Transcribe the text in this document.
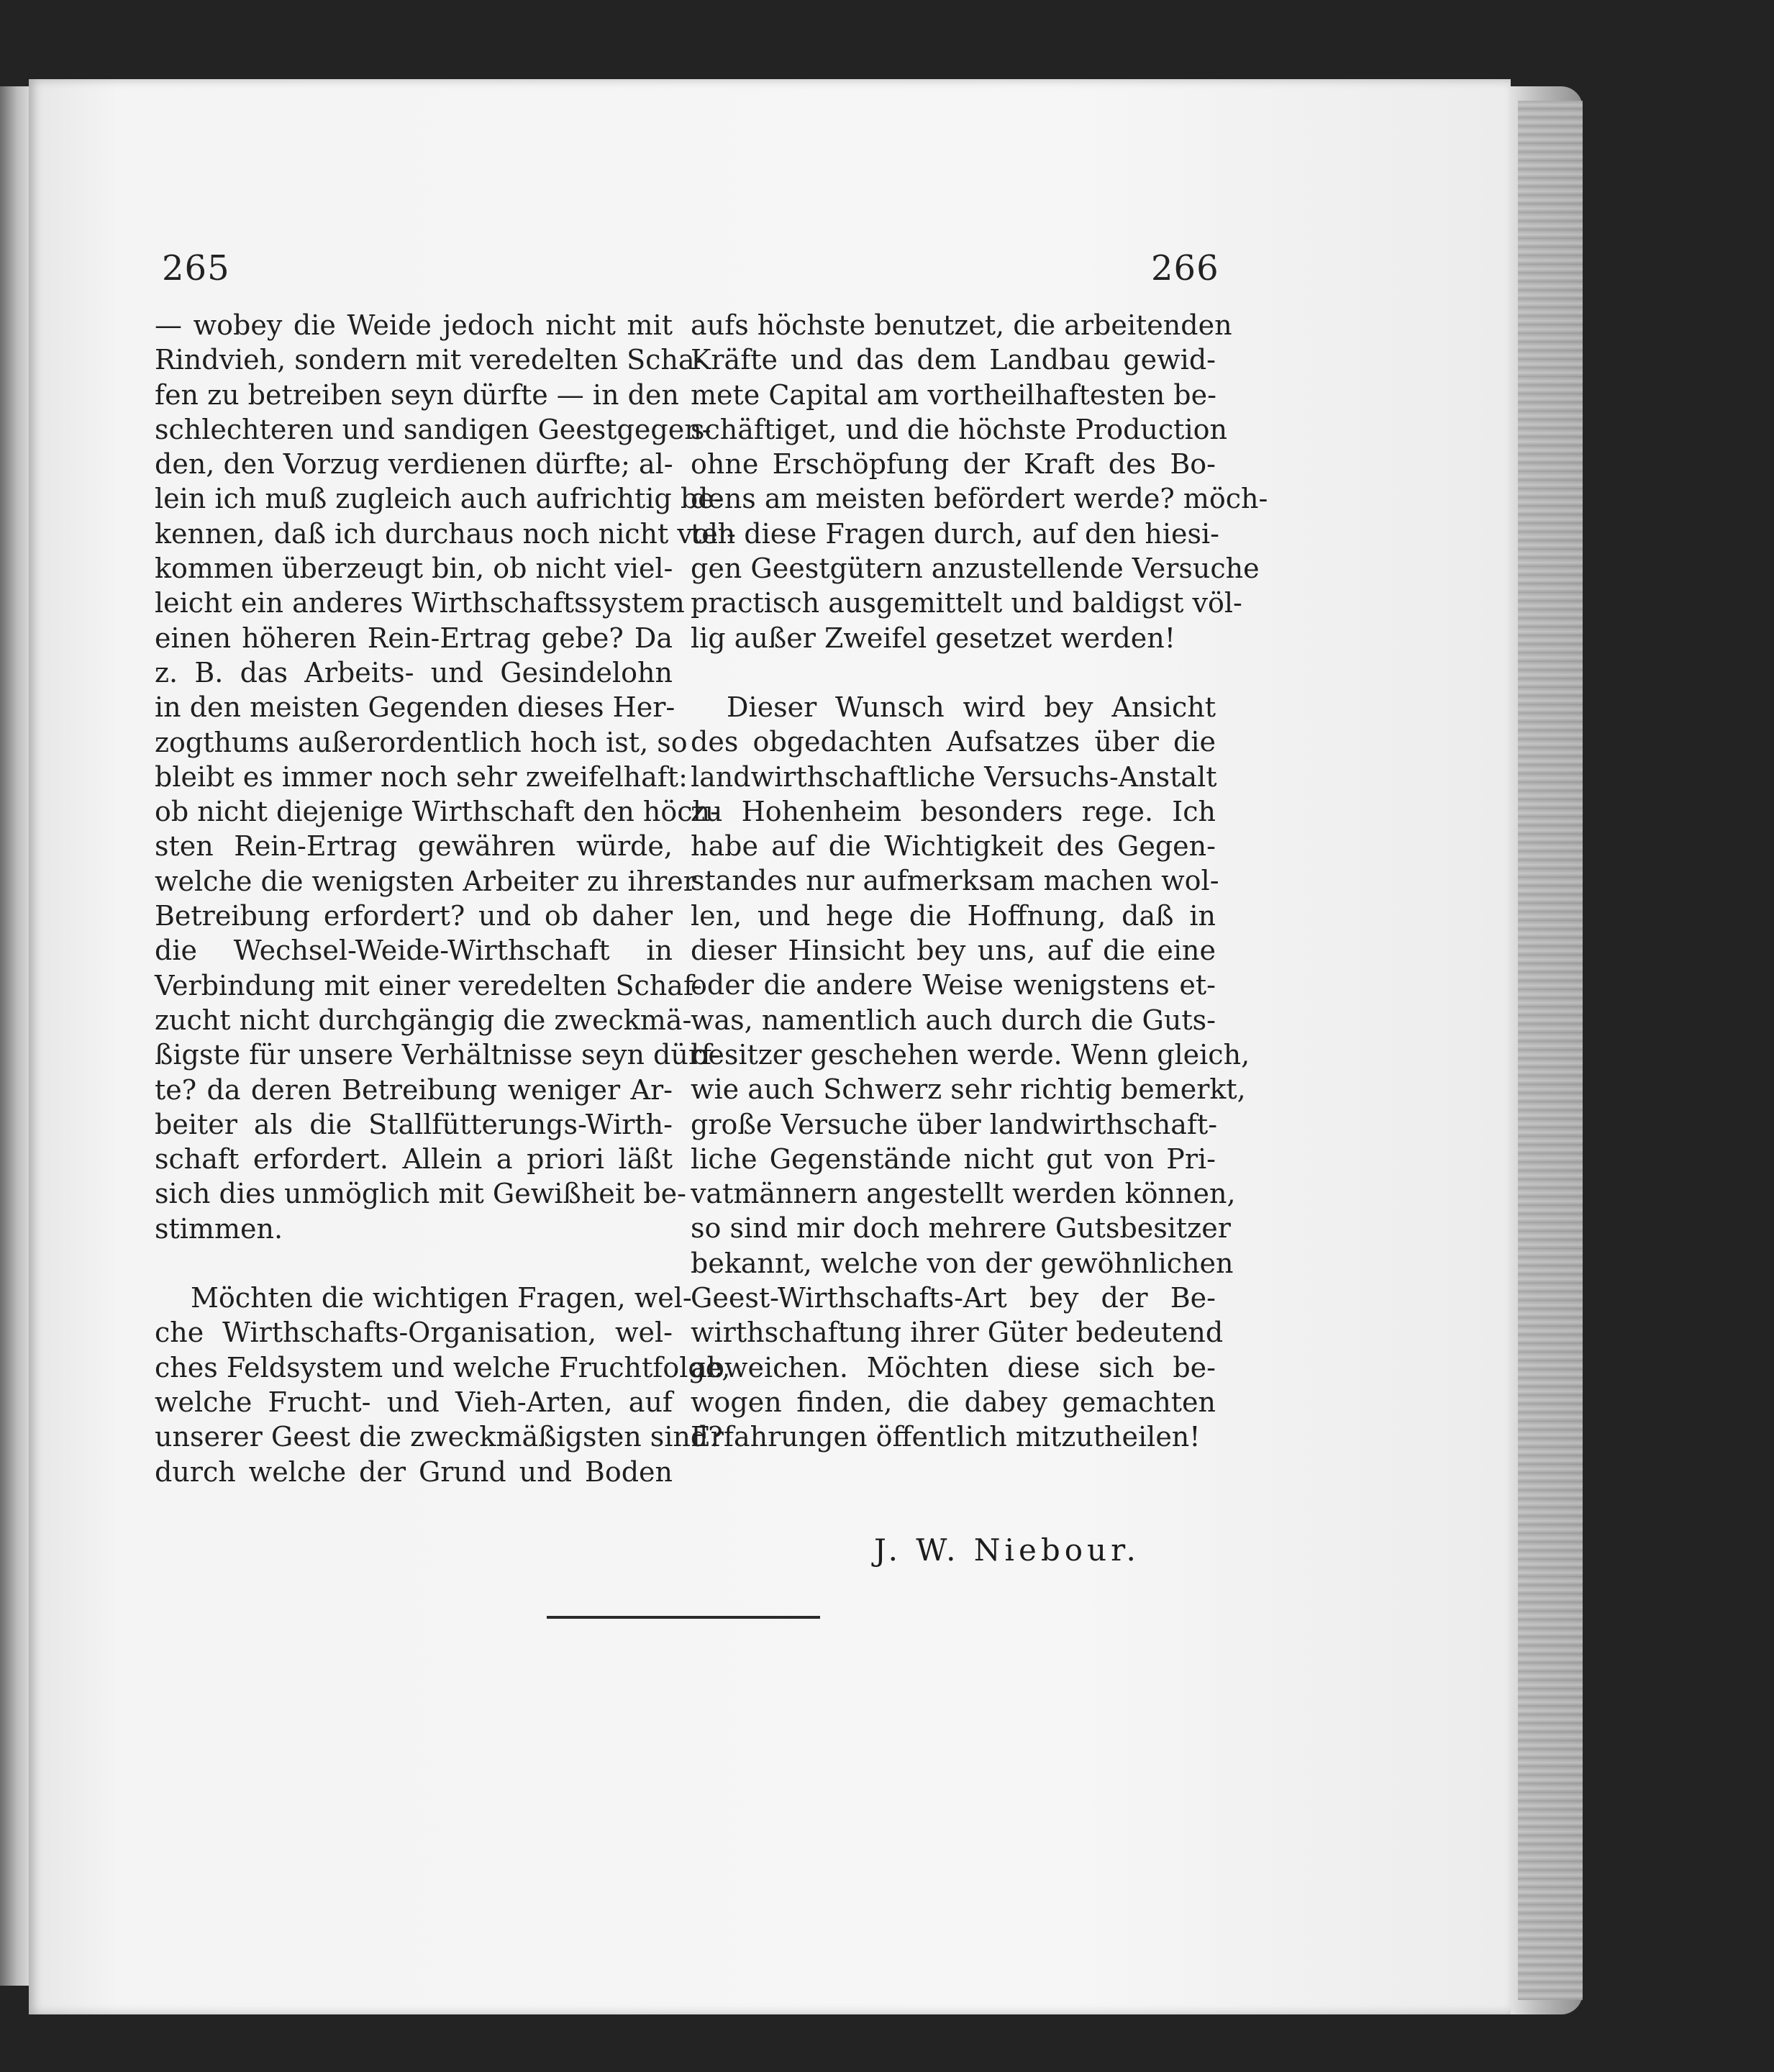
265	266
— wobey die Weide jedoch nicht mit
Rindvieh, sondern mit veredelten Scha-
fen zu betreiben seyn dürfte — in den
schlechteren und sandigen Geestgegen-
den, den Vorzug verdienen dürfte; al-
lein ich muß zugleich auch aufrichtig be-
kennen, daß ich durchaus noch nicht voll-
kommen überzeugt bin, ob nicht viel-
leicht ein anderes Wirthschaftssystem
einen höheren Rein-Ertrag gebe? Da
z. B. das Arbeits- und Gesindelohn
in den meisten Gegenden dieses Her-
zogthums außerordentlich hoch ist, so
bleibt es immer noch sehr zweifelhaft:
ob nicht diejenige Wirthschaft den höch-
sten Rein-Ertrag gewähren würde,
welche die wenigsten Arbeiter zu ihrer
Betreibung erfordert? und ob daher
die Wechsel-Weide-Wirthschaft in
Verbindung mit einer veredelten Schaf-
zucht nicht durchgängig die zweckmä-
ßigste für unsere Verhältnisse seyn dürf-
te? da deren Betreibung weniger Ar-
beiter als die Stallfütterungs-Wirth-
schaft erfordert. Allein a priori läßt
sich dies unmöglich mit Gewißheit be-
stimmen.
Möchten die wichtigen Fragen, wel-
che Wirthschafts-Organisation, wel-
ches Feldsystem und welche Fruchtfolge,
welche Frucht- und Vieh-Arten, auf
unserer Geest die zweckmäßigsten sind?
durch welche der Grund und Boden
aufs höchste benutzet, die arbeitenden
Kräfte und das dem Landbau gewid-
mete Capital am vortheilhaftesten be-
schäftiget, und die höchste Production
ohne Erschöpfung der Kraft des Bo-
dens am meisten befördert werde? möch-
ten diese Fragen durch, auf den hiesi-
gen Geestgütern anzustellende Versuche
practisch ausgemittelt und baldigst völ-
lig außer Zweifel gesetzet werden!
Dieser Wunsch wird bey Ansicht
des obgedachten Aufsatzes über die
landwirthschaftliche Versuchs-Anstalt
zu Hohenheim besonders rege. Ich
habe auf die Wichtigkeit des Gegen-
standes nur aufmerksam machen wol-
len, und hege die Hoffnung, daß in
dieser Hinsicht bey uns, auf die eine
oder die andere Weise wenigstens et-
was, namentlich auch durch die Guts-
besitzer geschehen werde. Wenn gleich,
wie auch Schwerz sehr richtig bemerkt,
große Versuche über landwirthschaft-
liche Gegenstände nicht gut von Pri-
vatmännern angestellt werden können,
so sind mir doch mehrere Gutsbesitzer
bekannt, welche von der gewöhnlichen
Geest-Wirthschafts-Art bey der Be-
wirthschaftung ihrer Güter bedeutend
abweichen. Möchten diese sich be-
wogen finden, die dabey gemachten
Erfahrungen öffentlich mitzutheilen!
J. W. Niebour.
